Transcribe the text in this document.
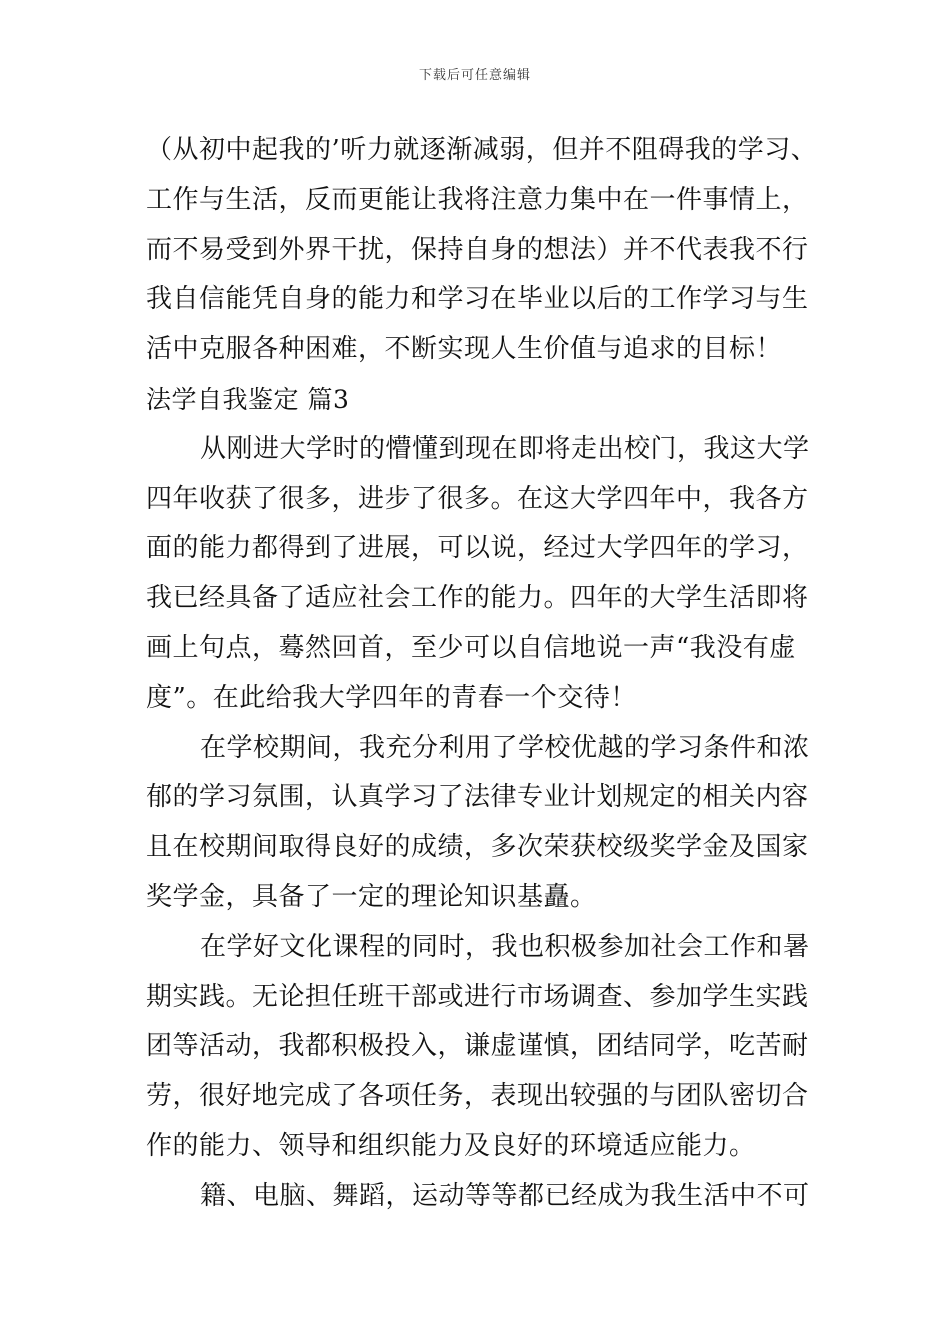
下载后可任意编辑
（从初中起我的’听力就逐渐减弱，但并不阻碍我的学习、
工作与生活，反而更能让我将注意力集中在一件事情上，
而不易受到外界干扰，保持自身的想法）并不代表我不行
我自信能凭自身的能力和学习在毕业以后的工作学习与生
活中克服各种困难，不断实现人生价值与追求的目标！
法学自我鉴定 篇3
从刚进大学时的懵懂到现在即将走出校门，我这大学
四年收获了很多，进步了很多。在这大学四年中，我各方
面的能力都得到了进展，可以说，经过大学四年的学习，
我已经具备了适应社会工作的能力。四年的大学生活即将
画上句点，蓦然回首，至少可以自信地说一声“我没有虚
度”。在此给我大学四年的青春一个交待！
在学校期间，我充分利用了学校优越的学习条件和浓
郁的学习氛围，认真学习了法律专业计划规定的相关内容
且在校期间取得良好的成绩，多次荣获校级奖学金及国家
奖学金，具备了一定的理论知识基矗。
在学好文化课程的同时，我也积极参加社会工作和暑
期实践。无论担任班干部或进行市场调查、参加学生实践
团等活动，我都积极投入，谦虚谨慎，团结同学，吃苦耐
劳，很好地完成了各项任务，表现出较强的与团队密切合
作的能力、领导和组织能力及良好的环境适应能力。
籍、电脑、舞蹈，运动等等都已经成为我生活中不可
